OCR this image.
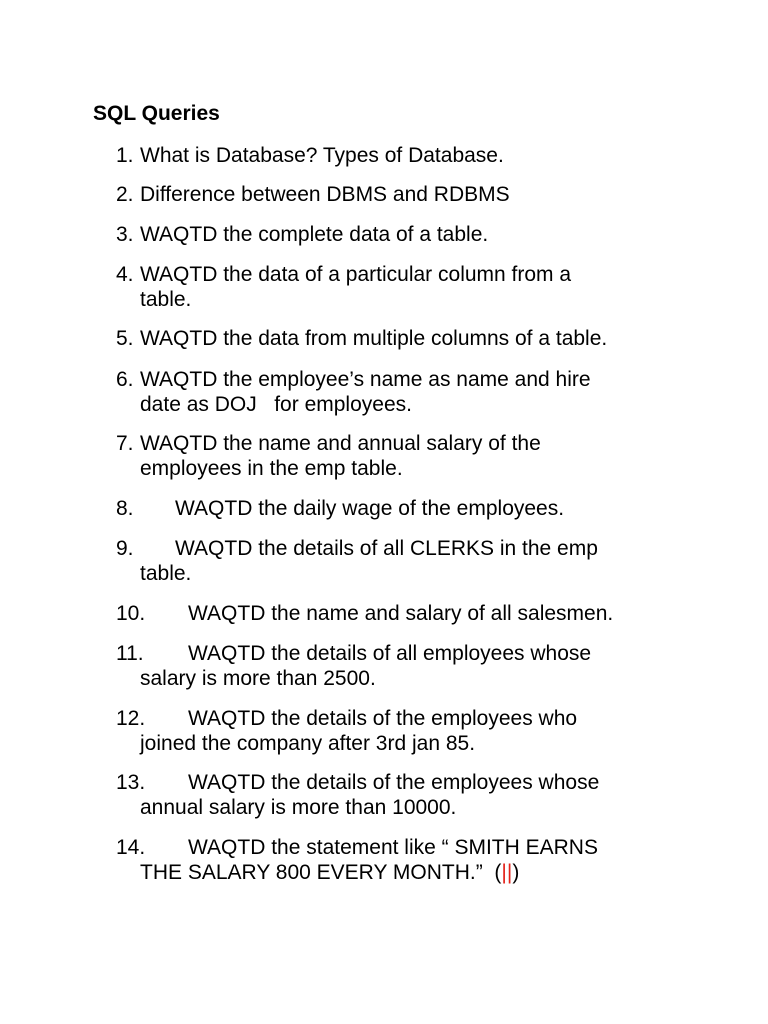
SQL Queries
1. What is Database? Types of Database.
2. Difference between DBMS and RDBMS
3. WAQTD the complete data of a table.
4. WAQTD the data of a particular column from a
table.
5. WAQTD the data from multiple columns of a table.
6. WAQTD the employee’s name as name and hire
date as DOJ   for employees.
7. WAQTD the name and annual salary of the
employees in the emp table.
8. WAQTD the daily wage of the employees.
9. WAQTD the details of all CLERKS in the emp
table.
10. WAQTD the name and salary of all salesmen.
11. WAQTD the details of all employees whose
salary is more than 2500.
12. WAQTD the details of the employees who
joined the company after 3rd jan 85.
13. WAQTD the details of the employees whose
annual salary is more than 10000.
14. WAQTD the statement like “ SMITH EARNS
THE SALARY 800 EVERY MONTH.”  (||)
